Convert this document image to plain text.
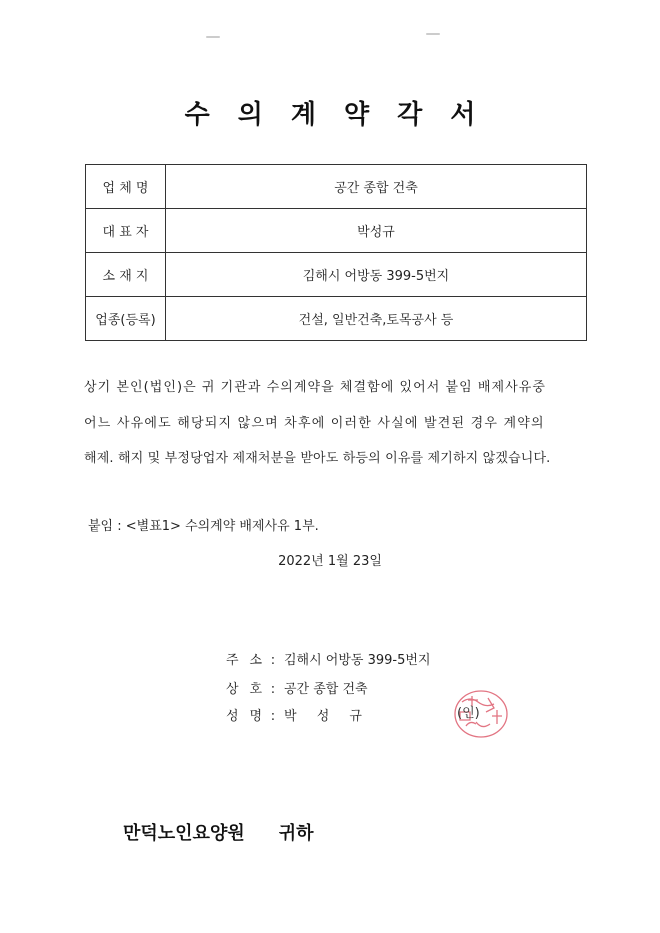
수의계약각서
업 체 명	공간 종합 건축
대 표 자	박성규
소 재 지	김해시 어방동 399-5번지
업종(등록)	건설, 일반건축,토목공사 등
상기 본인(법인)은 귀 기관과 수의계약을 체결함에 있어서 붙임 배제사유중
어느 사유에도 해당되지 않으며 차후에 이러한 사실에 발견된 경우 계약의
해제. 해지 및 부정당업자 제재처분을 받아도 하등의 이유를 제기하지 않겠습니다.
붙임 : <별표1> 수의계약 배제사유 1부.
2022년 1월 23일
주 소 : 김해시 어방동 399-5번지
상 호 : 공간 종합 건축
성 명 : 박 성 규	(인)
만덕노인요양원 귀하
